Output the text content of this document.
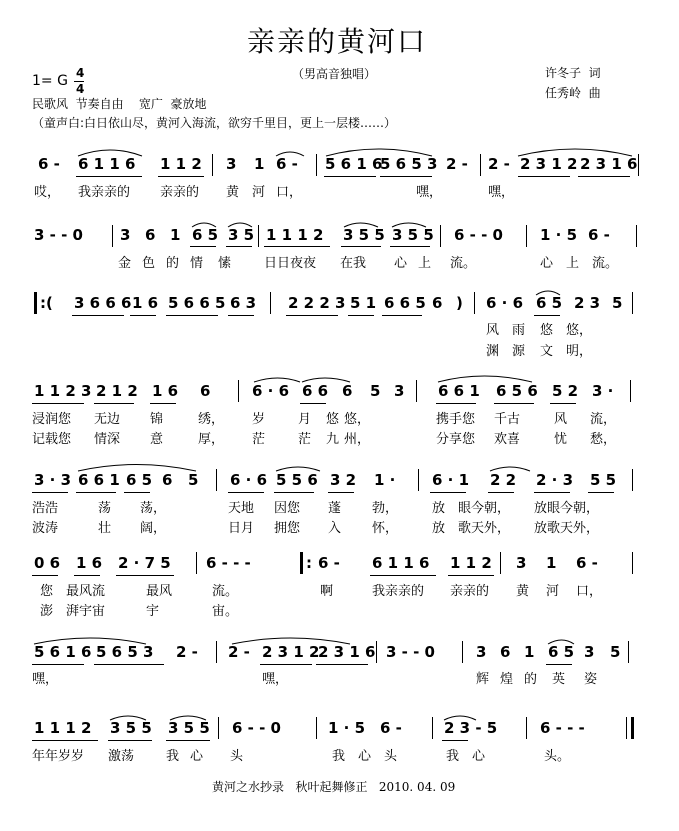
亲亲的黄河口
（男高音独唱）
1= G 4
4
许冬子  词
任秀岭  曲
民歌风  节奏自由    宽广  豪放地
（童声白:白日依山尽，黄河入海流，欲穷千里目，更上一层楼……）
6 - 6 1 1 6 1 1 2 3 1 6 - 5 6 1 6
5 6 5 3 2 - 2 - 2 3 1 2 2 3 1 6
哎， 我亲亲的 亲亲的 黄 河 口，	嘿，	嘿，
3 - - 0 3 6 1 6 5 3 5 1 1 1 2 3 5 5 3 5 5 6 - - 0 1 · 5 6 -
金 色 的 情 愫	日日夜夜 在我 心 上 流。	心 上 流。
:( 3 6 6 6 1 6 5 6 6 5 6 3 2 2 2 3 5 1 6 6 5 6 ) 6 · 6 6 5 2 3 5
风 雨 悠 悠，
渊 源 文 明，
1 1 2 3 2 1 2 1 6 6	6 · 6 6 6 6 5 3 6 6 1 6 5 6 5 2 3 ·
浸润您 无边 锦	绣， 岁	月 悠 悠，	携手您 千古	风 流，
记载您 情深 意	厚， 茫	茫 九 州，	分享您 欢喜	忧 愁，
3 · 3 6 6 1 6 5 6 5 6 · 6 5 5 6 3 2 1 · 6 · 1 2 2 2 · 3 5 5
浩浩	荡 荡，	天地 因您 蓬 勃，	放 眼今朝， 放眼今朝，
波涛	壮 阔，	日月 拥您 入 怀，	放 歌天外， 放歌天外，
0 6 1 6 2 · 7 5 6 - - -	: 6 - 6 1 1 6 1 1 2 3 1 6 -
您 最风流	最风	流。	啊	我亲亲的 亲亲的 黄 河 口，
澎 湃宇宙	宇	宙。
5 6 1 6 5 6 5 3 2 - 2 - 2 3 1 2
2 3 1 6 3 - - 0	3 6 1 6 5 3 5
嘿，	嘿，	辉 煌 的 英 姿
1 1 1 2 3 5 5 3 5 5 6 - - 0	1 · 5 6 -	2 3 - 5	6 - - -
年年岁岁 激荡 我 心 头	我 心 头	我 心	头。
黄河之水抄录   秋叶起舞修正   2010. 04. 09
